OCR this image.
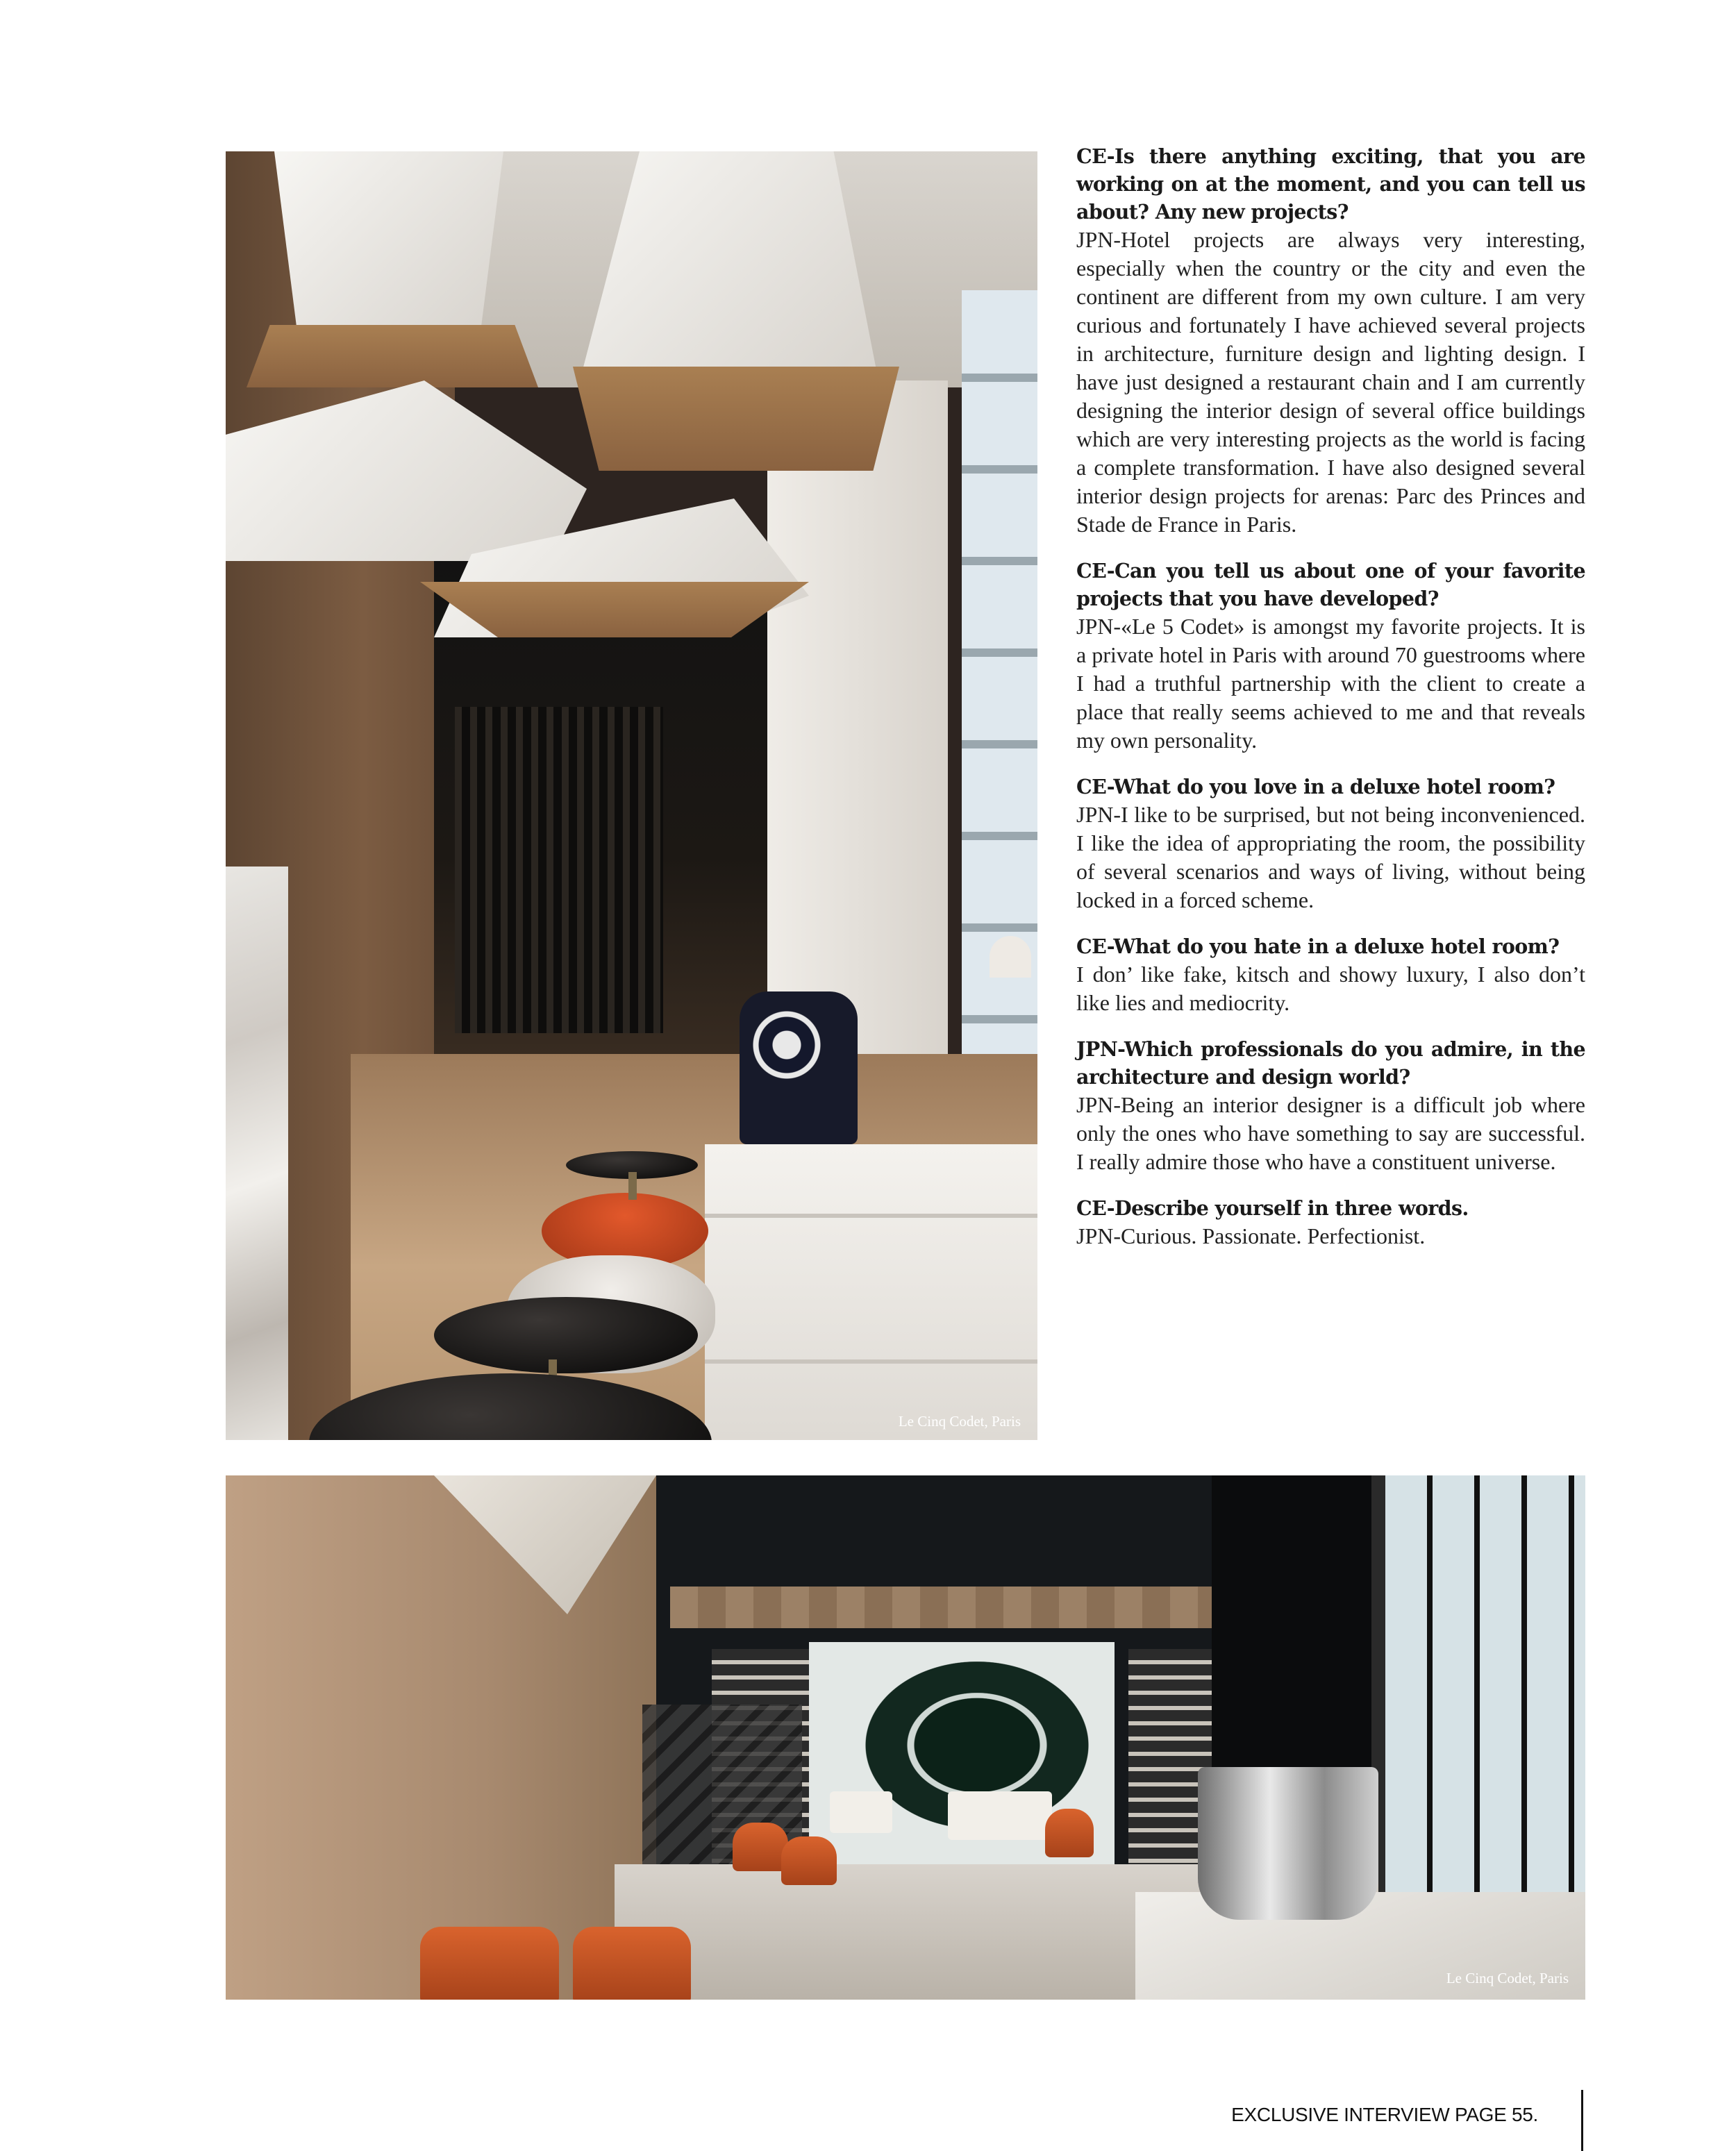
Le Cinq Codet, Paris

CE-Is there anything exciting, that you are working on at the moment, and you can tell us about? Any new projects?

JPN-Hotel projects are always very interesting, especially when the country or the city and even the continent are different from my own culture. I am very curious and fortunately I have achieved several projects in architecture, furniture design and lighting design. I have just designed a restaurant chain and I am currently designing the interior design of several office buildings which are very interesting projects as the world is facing a complete transformation. I have also designed several interior design projects for arenas: Parc des Princes and Stade de France in Paris.

CE-Can you tell us about one of your favorite projects that you have developed?

JPN-«Le 5 Codet» is amongst my favorite projects. It is a private hotel in Paris with around 70 guestrooms where I had a truthful partnership with the client to create a place that really seems achieved to me and that reveals my own personality.

CE-What do you love in a deluxe hotel room?

JPN-I like to be surprised, but not being inconvenienced. I like the idea of appropriating the room, the possibility of several scenarios and ways of living, without being locked in a forced scheme.

CE-What do you hate in a deluxe hotel room?

I don’ like fake, kitsch and showy luxury, I also don’t like lies and mediocrity.

JPN-Which professionals do you admire, in the architecture and design world?

JPN-Being an interior designer is a difficult job where only the ones who have something to say are successful. I really admire those who have a constituent universe.

CE-Describe yourself in three words.

JPN-Curious. Passionate. Perfectionist.

Le Cinq Codet, Paris
EXCLUSIVE INTERVIEW PAGE 55.
